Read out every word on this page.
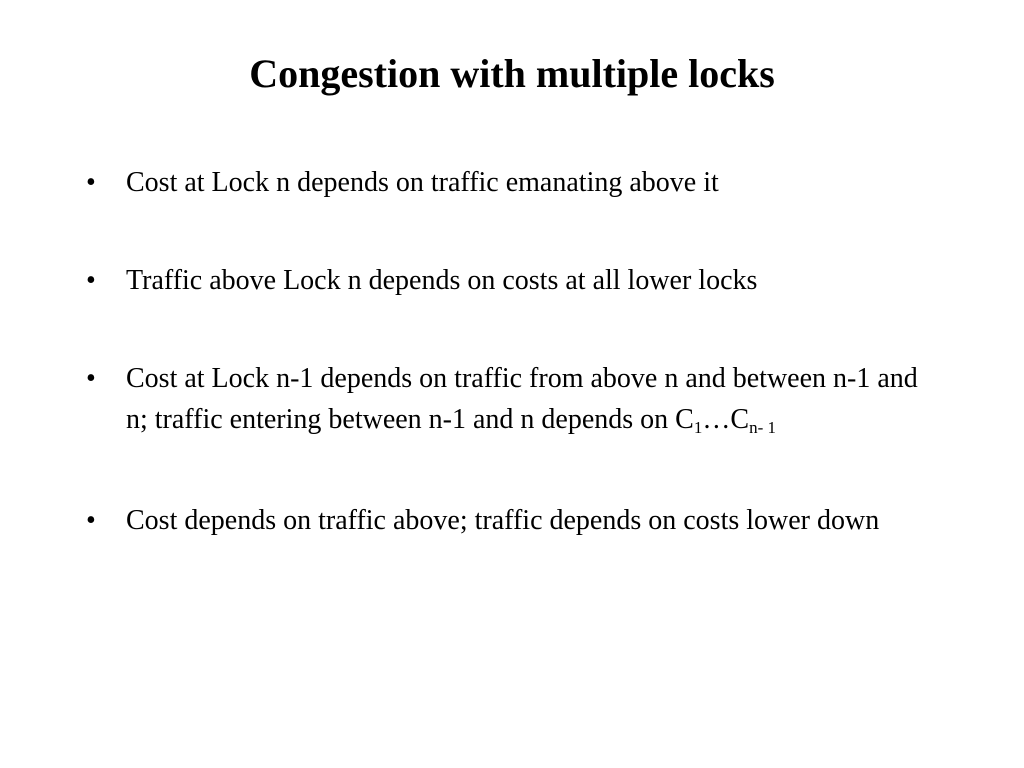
Congestion with multiple locks
• Cost at Lock n depends on traffic emanating above it
• Traffic above Lock n depends on costs at all lower locks
• Cost at Lock n-1 depends on traffic from above n and between n-1 and n; traffic entering between n-1 and n depends on $C_1\dots C_{n- 1}$
• Cost depends on traffic above; traffic depends on costs lower down
